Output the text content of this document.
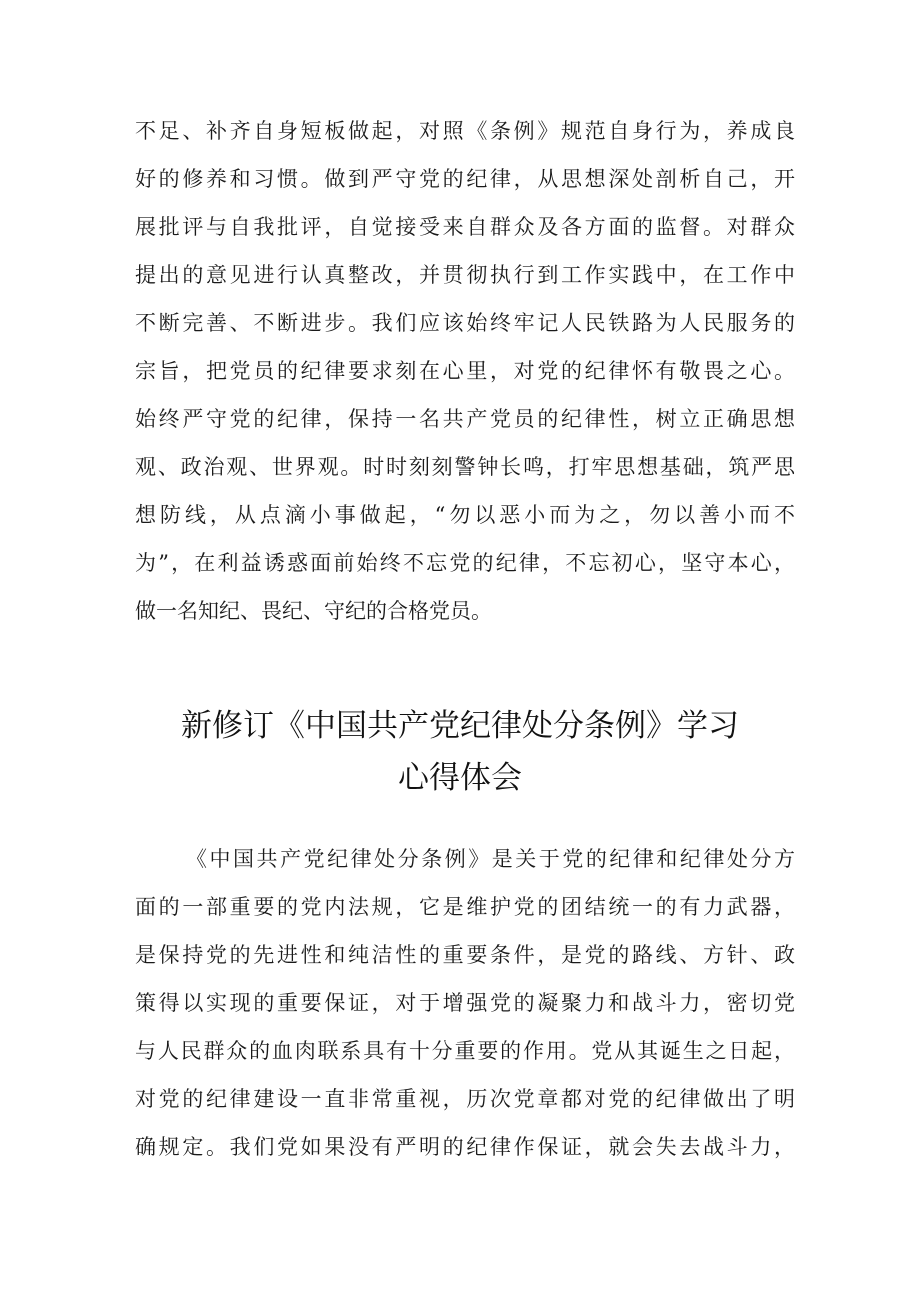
不足、补齐自身短板做起，对照《条例》规范自身行为，养成良
好的修养和习惯。做到严守党的纪律，从思想深处剖析自己，开
展批评与自我批评，自觉接受来自群众及各方面的监督。对群众
提出的意见进行认真整改，并贯彻执行到工作实践中，在工作中
不断完善、不断进步。我们应该始终牢记人民铁路为人民服务的
宗旨，把党员的纪律要求刻在心里，对党的纪律怀有敬畏之心。
始终严守党的纪律，保持一名共产党员的纪律性，树立正确思想
观、政治观、世界观。时时刻刻警钟长鸣，打牢思想基础，筑严思
想防线，从点滴小事做起，“勿以恶小而为之，勿以善小而不
为”，在利益诱惑面前始终不忘党的纪律，不忘初心，坚守本心，
做一名知纪、畏纪、守纪的合格党员。
新修订《中国共产党纪律处分条例》学习
心得体会
《中国共产党纪律处分条例》是关于党的纪律和纪律处分方
面的一部重要的党内法规，它是维护党的团结统一的有力武器，
是保持党的先进性和纯洁性的重要条件，是党的路线、方针、政
策得以实现的重要保证，对于增强党的凝聚力和战斗力，密切党
与人民群众的血肉联系具有十分重要的作用。党从其诞生之日起，
对党的纪律建设一直非常重视，历次党章都对党的纪律做出了明
确规定。我们党如果没有严明的纪律作保证，就会失去战斗力，
